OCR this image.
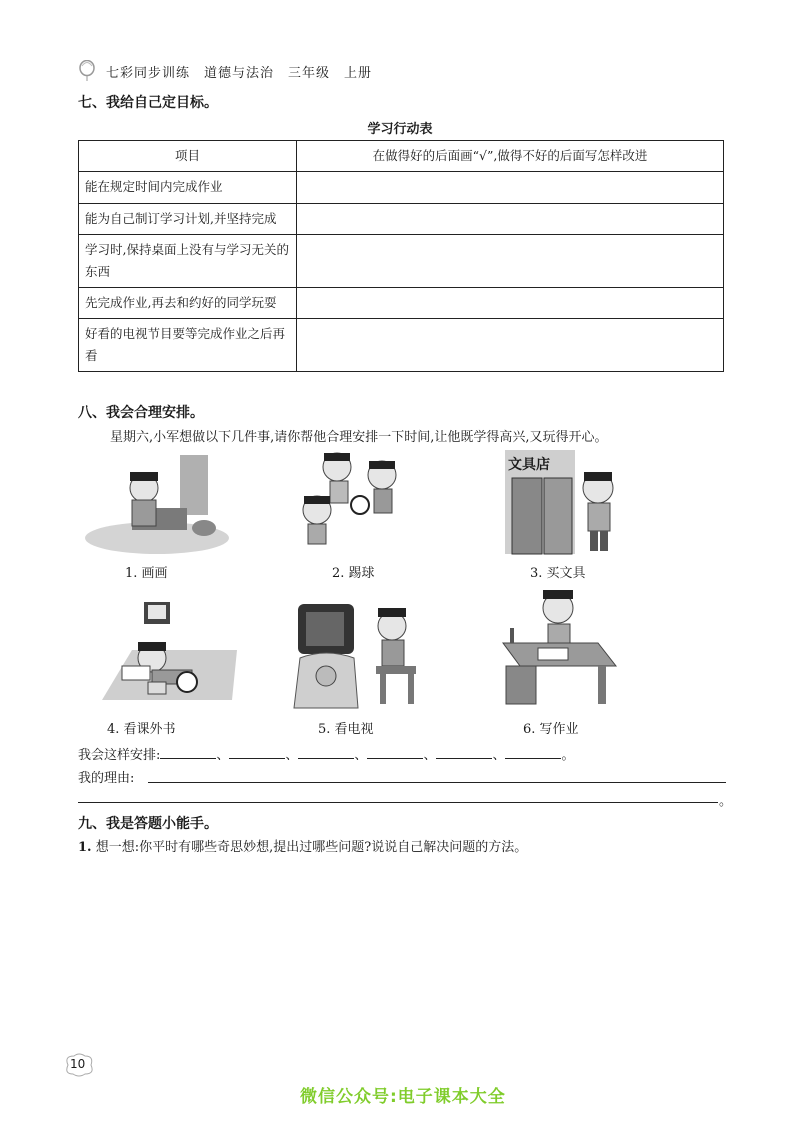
七彩同步训练 道德与法治 三年级 上册
七、我给自己定目标。
学习行动表
项目	在做得好的后面画“√”,做得不好的后面写怎样改进
能在规定时间内完成作业	
能为自己制订学习计划,并坚持完成	
学习时,保持桌面上没有与学习无关的东西	
先完成作业,再去和约好的同学玩耍	
好看的电视节目要等完成作业之后再看	
八、我会合理安排。
星期六,小军想做以下几件事,请你帮他合理安排一下时间,让他既学得高兴,又玩得开心。
1. 画画	2. 踢球
文具店
3. 买文具
4. 看课外书	5. 看电视	6. 写作业
我会这样安排:	、	、	、	、	、	。
我的理由:
。
九、我是答题小能手。
1. 想一想:你平时有哪些奇思妙想,提出过哪些问题?说说自己解决问题的方法。
10
微信公众号:电子课本大全
